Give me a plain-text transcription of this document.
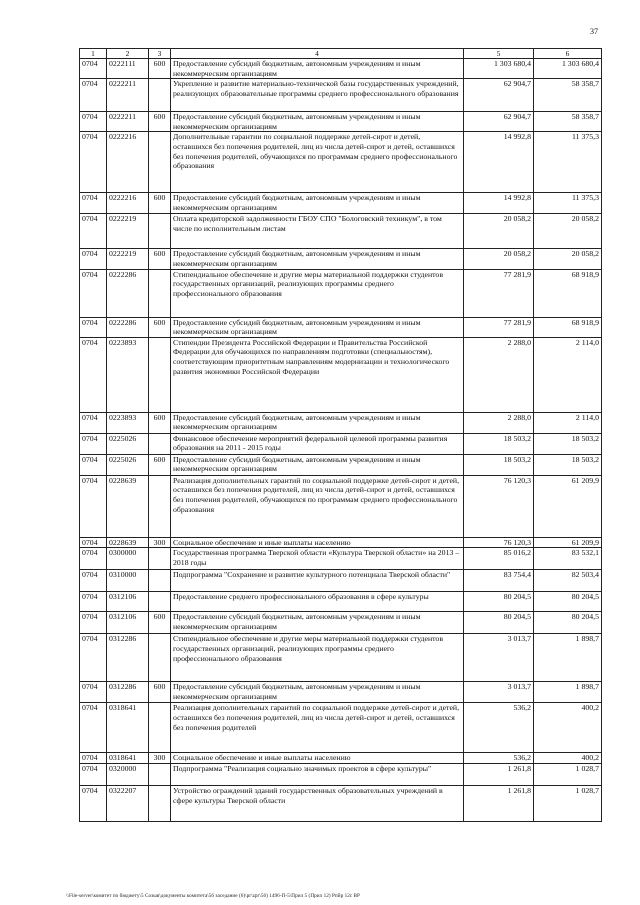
37
1	2	3	4	5	6
0704	0222111	600	Предоставление субсидий бюджетным, автономным учреждениям и иным некоммерческим организациям	1 303 680,4	1 303 680,4
0704	0222211		Укрепление и развитие материально-технической базы государственных учреждений, реализующих образовательные программы среднего профессионального образования	62 904,7	58 358,7
0704	0222211	600	Предоставление субсидий бюджетным, автономным учреждениям и иным некоммерческим организациям	62 904,7	58 358,7
0704	0222216		Дополнительные гарантии по социальной поддержке детей-сирот и детей, оставшихся без попечения родителей, лиц из числа детей-сирот и детей, оставшихся без попечения родителей, обучающихся по программам среднего профессионального образования	14 992,8	11 375,3
0704	0222216	600	Предоставление субсидий бюджетным, автономным учреждениям и иным некоммерческим организациям	14 992,8	11 375,3
0704	0222219		Оплата кредиторской задолженности ГБОУ СПО "Бологовский техникум", в том числе по исполнительным листам	20 058,2	20 058,2
0704	0222219	600	Предоставление субсидий бюджетным, автономным учреждениям и иным некоммерческим организациям	20 058,2	20 058,2
0704	0222286		Стипендиальное обеспечение и другие меры материальной поддержки студентов государственных организаций, реализующих программы среднего профессионального образования	77 281,9	68 918,9
0704	0222286	600	Предоставление субсидий бюджетным, автономным учреждениям и иным некоммерческим организациям	77 281,9	68 918,9
0704	0223893		Стипендии Президента Российской Федерации и Правительства Российской Федерации для обучающихся по направлениям подготовки (специальностям), соответствующим приоритетным направлениям модернизации и технологического развития экономики Российской Федерации	2 288,0	2 114,0
0704	0223893	600	Предоставление субсидий бюджетным, автономным учреждениям и иным некоммерческим организациям	2 288,0	2 114,0
0704	0225026		Финансовое обеспечение мероприятий федеральной целевой программы развития образования на 2011 - 2015 годы	18 503,2	18 503,2
0704	0225026	600	Предоставление субсидий бюджетным, автономным учреждениям и иным некоммерческим организациям	18 503,2	18 503,2
0704	0228639		Реализация дополнительных гарантий по социальной поддержке детей-сирот и детей, оставшихся без попечения родителей, лиц из числа детей-сирот и детей, оставшихся без попечения родителей, обучающихся по программам среднего профессионального образования	76 120,3	61 209,9
0704	0228639	300	Социальное обеспечение и иные выплаты населению	76 120,3	61 209,9
0704	0300000		Государственная программа Тверской области «Культура Тверской области» на 2013 – 2018 годы	85 016,2	83 532,1
0704	0310000		Подпрограмма "Сохранение и развитие культурного потенциала Тверской области"	83 754,4	82 503,4
0704	0312106		Предоставление среднего профессионального образования в сфере культуры	80 204,5	80 204,5
0704	0312106	600	Предоставление субсидий бюджетным, автономным учреждениям и иным некоммерческим организациям	80 204,5	80 204,5
0704	0312286		Стипендиальное обеспечение и другие меры материальной поддержки студентов государственных организаций, реализующих программы среднего профессионального образования	3 013,7	1 898,7
0704	0312286	600	Предоставление субсидий бюджетным, автономным учреждениям и иным некоммерческим организациям	3 013,7	1 898,7
0704	0318641		Реализация дополнительных гарантий по социальной поддержке детей-сирот и детей, оставшихся без попечения родителей, лиц из числа детей-сирот и детей, оставшихся без попечения родителей	536,2	400,2
0704	0318641	300	Социальное обеспечение и иные выплаты населению	536,2	400,2
0704	0320000		Подпрограмма "Реализация социально значимых проектов в сфере культуры"	1 261,8	1 028,7
0704	0322207		Устройство ограждений зданий государственных образовательных учреждений в сфере культуры Тверской области	1 261,8	1 028,7
\\File-server\комитет по бюджету\5 Созыв\документы комитета\56 заседание (6)\pr\zpr\56) 1496-П-5\Прил 5 (Прил 12) Рпйр 12с ВР
